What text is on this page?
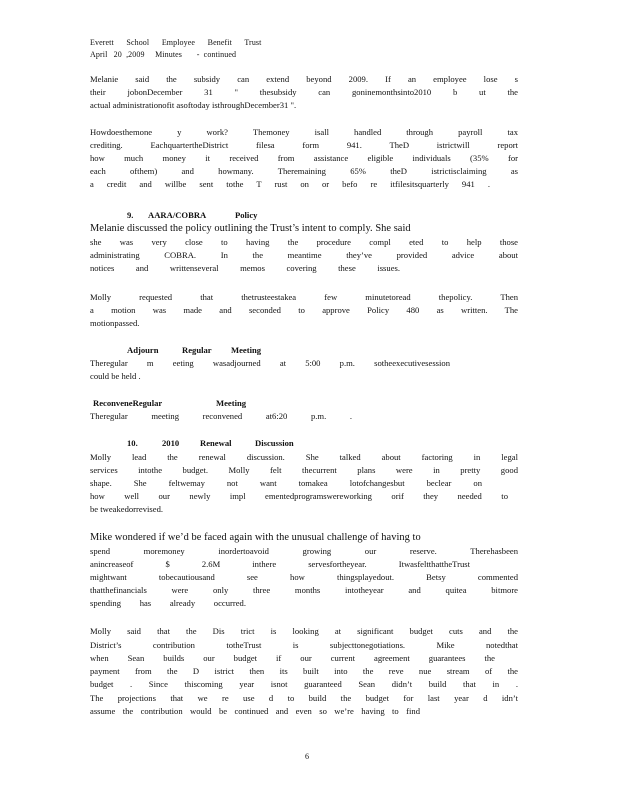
Everett      School      Employee      Benefit      Trust
April   20  ,2009     Minutes       -  continued
Melanie said the subsidy can extend beyond 2009. If an employee lose s
their jobonDecember 31 " thesubsidy can goninemonthsinto2010 b ut the
actual administrationofit asoftoday isthroughDecember31 ".
Howdoesthemone y work? Themoney isall handled through payroll tax
crediting. EachquartertheDistrict filesa form 941. TheD istrictwill report
how much money it received from assistance eligible individuals (35% for
each ofthem) and howmany. Theremaining 65% theD istrictisclaiming as
a credit and willbe sent tothe T rust on or befo re itfilesitsquarterly 941 .
9. AARA/COBRA	Policy
Melanie discussed the policy outlining the Trust’s intent to comply. She said
she was very close to having the procedure compl eted to help those
administrating COBRA. In the meantime they’ve provided advice about
notices and writtenseveral memos covering these issues.
Molly requested that thetrusteestakea few minutetoread thepolicy. Then
a motion was made and seconded to approve Policy 480 as written. The
motionpassed.
Adjourn	Regular Meeting
Theregular m eeting wasadjourned at 5:00 p.m. sotheexecutivesession
could be held .
ReconveneRegular	Meeting
Theregular meeting reconvened at6:20 p.m. .
10.	2010 Renewal	Discussion
Molly lead the renewal discussion. She talked about factoring in legal
services intothe budget. Molly felt thecurrent plans were in pretty good
shape. She feltwemay not want tomakea lotofchangesbut beclear on
how well our newly impl ementedprogramswereworking orif they needed to
be tweakedorrevised.
Mike wondered if we’d be faced again with the unusual challenge of having to
spend moremoney inordertoavoid growing our reserve. Therehasbeen
anincreaseof $ 2.6M inthere servesfortheyear. ItwasfeltthattheTrust
mightwant tobecautiousand see how thingsplayedout. Betsy commented
thatthefinancials were only three months intotheyear and quitea bitmore
spending has already occurred.
Molly said that the Dis trict is looking at significant budget cuts and the
District’s contribution totheTrust is subjecttonegotiations. Mike notedthat
when Sean builds our budget if our current agreement guarantees the
payment from the D istrict then its built into the reve nue stream of the
budget . Since thiscoming year isnot guaranteed Sean didn’t build that in .
The projections that we re use d to build the budget for last year d idn’t
assume the contribution would be continued and even so we’re having to find
6
